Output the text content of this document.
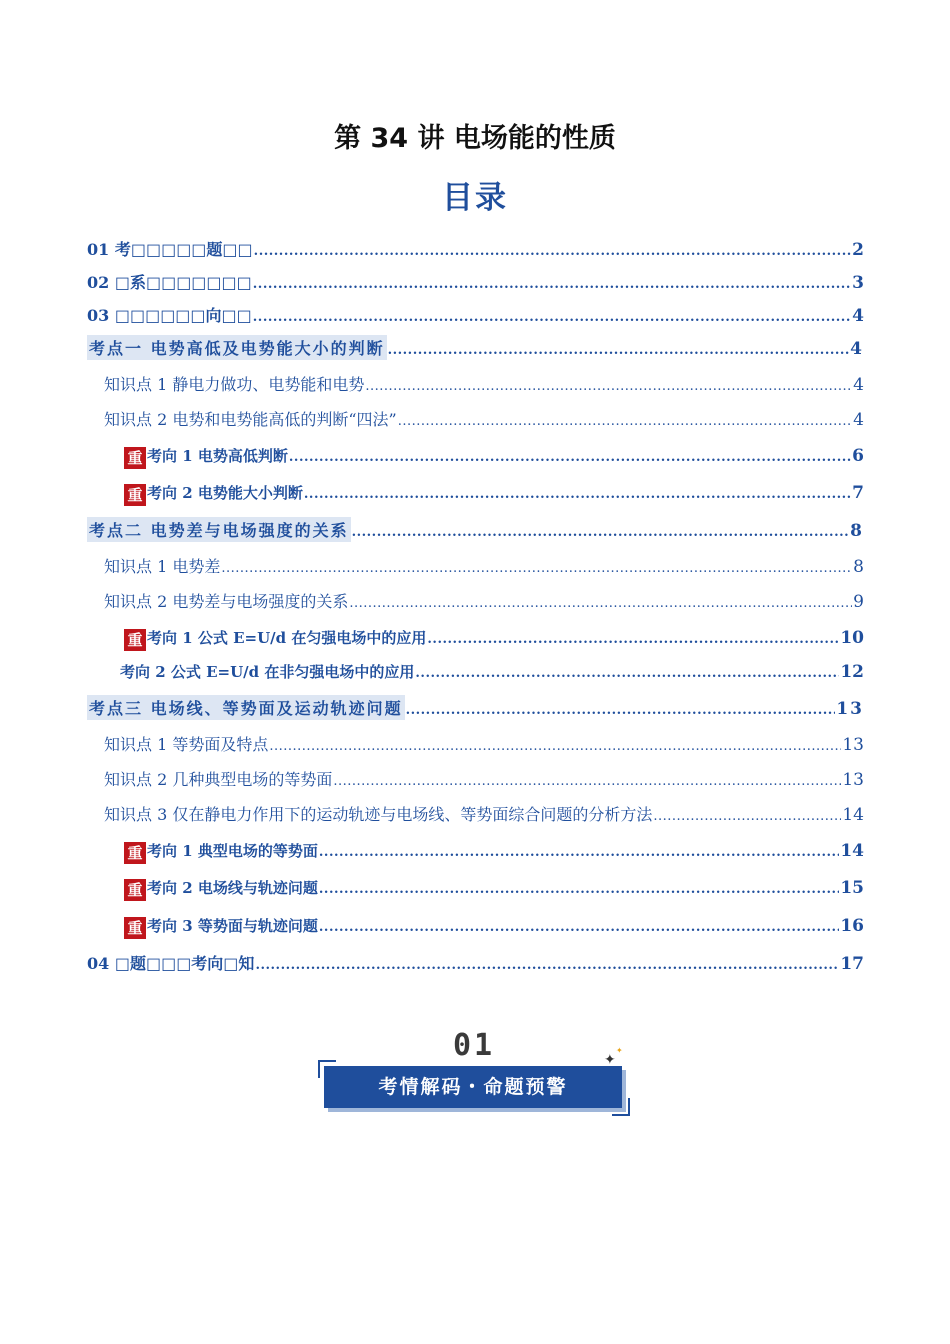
第 34 讲 电场能的性质
目录
01 考□□□□□题□□ .....	2
02 □系□□□□□□□ .....	3
03 □□□□□□向□□ .....	4
考点一 电势高低及电势能大小的判断 .....	4
知识点 1 静电力做功、电势能和电势 .....	4
知识点 2 电势和电势能高低的判断“四法” .....	4
重 考向 1 电势高低判断 .....	6
重 考向 2 电势能大小判断 .....	7
考点二 电势差与电场强度的关系 .....	8
知识点 1 电势差 .....	8
知识点 2 电势差与电场强度的关系 .....	9
重 考向 1 公式 E=U/d 在匀强电场中的应用 .....	10
考向 2 公式 E=U/d 在非匀强电场中的应用 .....	12
考点三 电场线、等势面及运动轨迹问题 .....	13
知识点 1 等势面及特点 .....	13
知识点 2 几种典型电场的等势面 .....	13
知识点 3 仅在静电力作用下的运动轨迹与电场线、等势面综合问题的分析方法 .....	14
重 考向 1 典型电场的等势面 .....	14
重 考向 2 电场线与轨迹问题 .....	15
重 考向 3 等势面与轨迹问题 .....	16
04 □题□□□考向□知 .....	17
01
考情解码・命题预警
✦
✦
